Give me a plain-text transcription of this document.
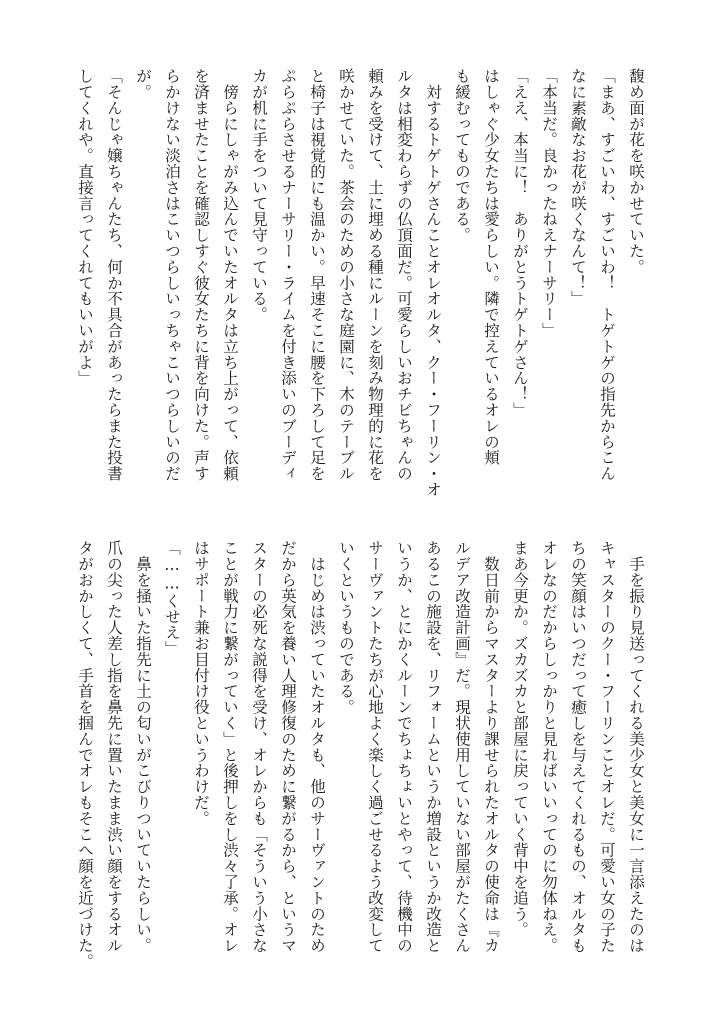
馥め面が花を咲かせていた。
「まあ、すごいわ、すごいわ！　トゲトゲの指先からこん
なに素敵なお花が咲くなんて！」
「本当だ。良かったねえナーサリー」
「ええ、本当に！　ありがとうトゲトゲさん！」
はしゃぐ少女たちは愛らしい。隣で控えているオレの頬
も緩むってものである。
　対するトゲトゲさんことオレオルタ、クー・フーリン・オ
ルタは相変わらずの仏頂面だ。可愛らしいおチビちゃんの
頼みを受けて、土に埋める種にルーンを刻み物理的に花を
咲かせていた。茶会のための小さな庭園に、木のテーブル
と椅子は視覚的にも温かい。早速そこに腰を下ろして足を
ぷらぷらさせるナーサリー・ライムを付き添いのブーディ
カが机に手をついて見守っている。
　傍らにしゃがみ込んでいたオルタは立ち上がって、依頼
を済ませたことを確認しすぐ彼女たちに背を向けた。声す
らかけない淡泊さはこいつらしいっちゃこいつらしいのだ
が。
「そんじゃ嬢ちゃんたち、何か不具合があったらまた投書
してくれや。直接言ってくれてもいいがよ」
　手を振り見送ってくれる美少女と美女に一言添えたのは
キャスターのクー・フーリンことオレだ。可愛い女の子た
ちの笑顔はいつだって癒しを与えてくれるもの、オルタも
オレなのだからしっかりと見ればいいってのに勿体ねえ。
まあ今更か。ズカズカと部屋に戻っていく背中を追う。
　数日前からマスターより課せられたオルタの使命は『カ
ルデア改造計画』だ。現状使用していない部屋がたくさん
あるこの施設を、リフォームというか増設というか改造と
いうか、とにかくルーンでちょちょいとやって、待機中の
サーヴァントたちが心地よく楽しく過ごせるよう改変して
いくというものである。
　はじめは渋っていたオルタも、他のサーヴァントのため
だから英気を養い人理修復のために繋がるから、というマ
スターの必死な説得を受け、オレからも「そういう小さな
ことが戦力に繋がっていく」と後押しをし渋々了承。オレ
はサポート兼お目付け役というわけだ。
「……くせえ」
　鼻を掻いた指先に土の匂いがこびりついていたらしい。
爪の尖った人差し指を鼻先に置いたまま渋い顔をするオル
タがおかしくて、手首を掴んでオレもそこへ顔を近づけた。
